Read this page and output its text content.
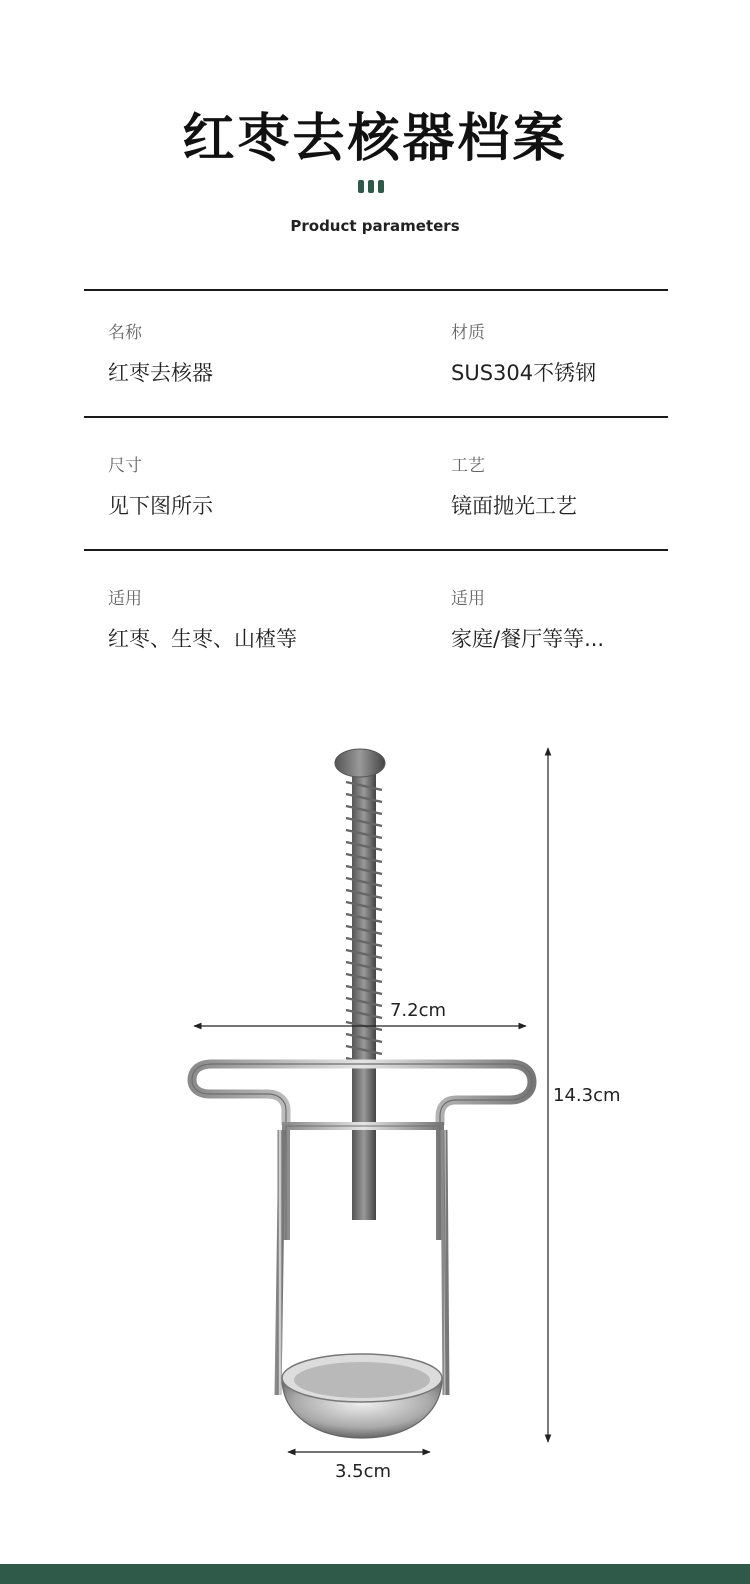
红枣去核器档案
Product parameters
名称
红枣去核器
材质
SUS304不锈钢
尺寸
见下图所示
工艺
镜面抛光工艺
适用
红枣、生枣、山楂等
适用
家庭/餐厅等等...
7.2cm
14.3cm
3.5cm
